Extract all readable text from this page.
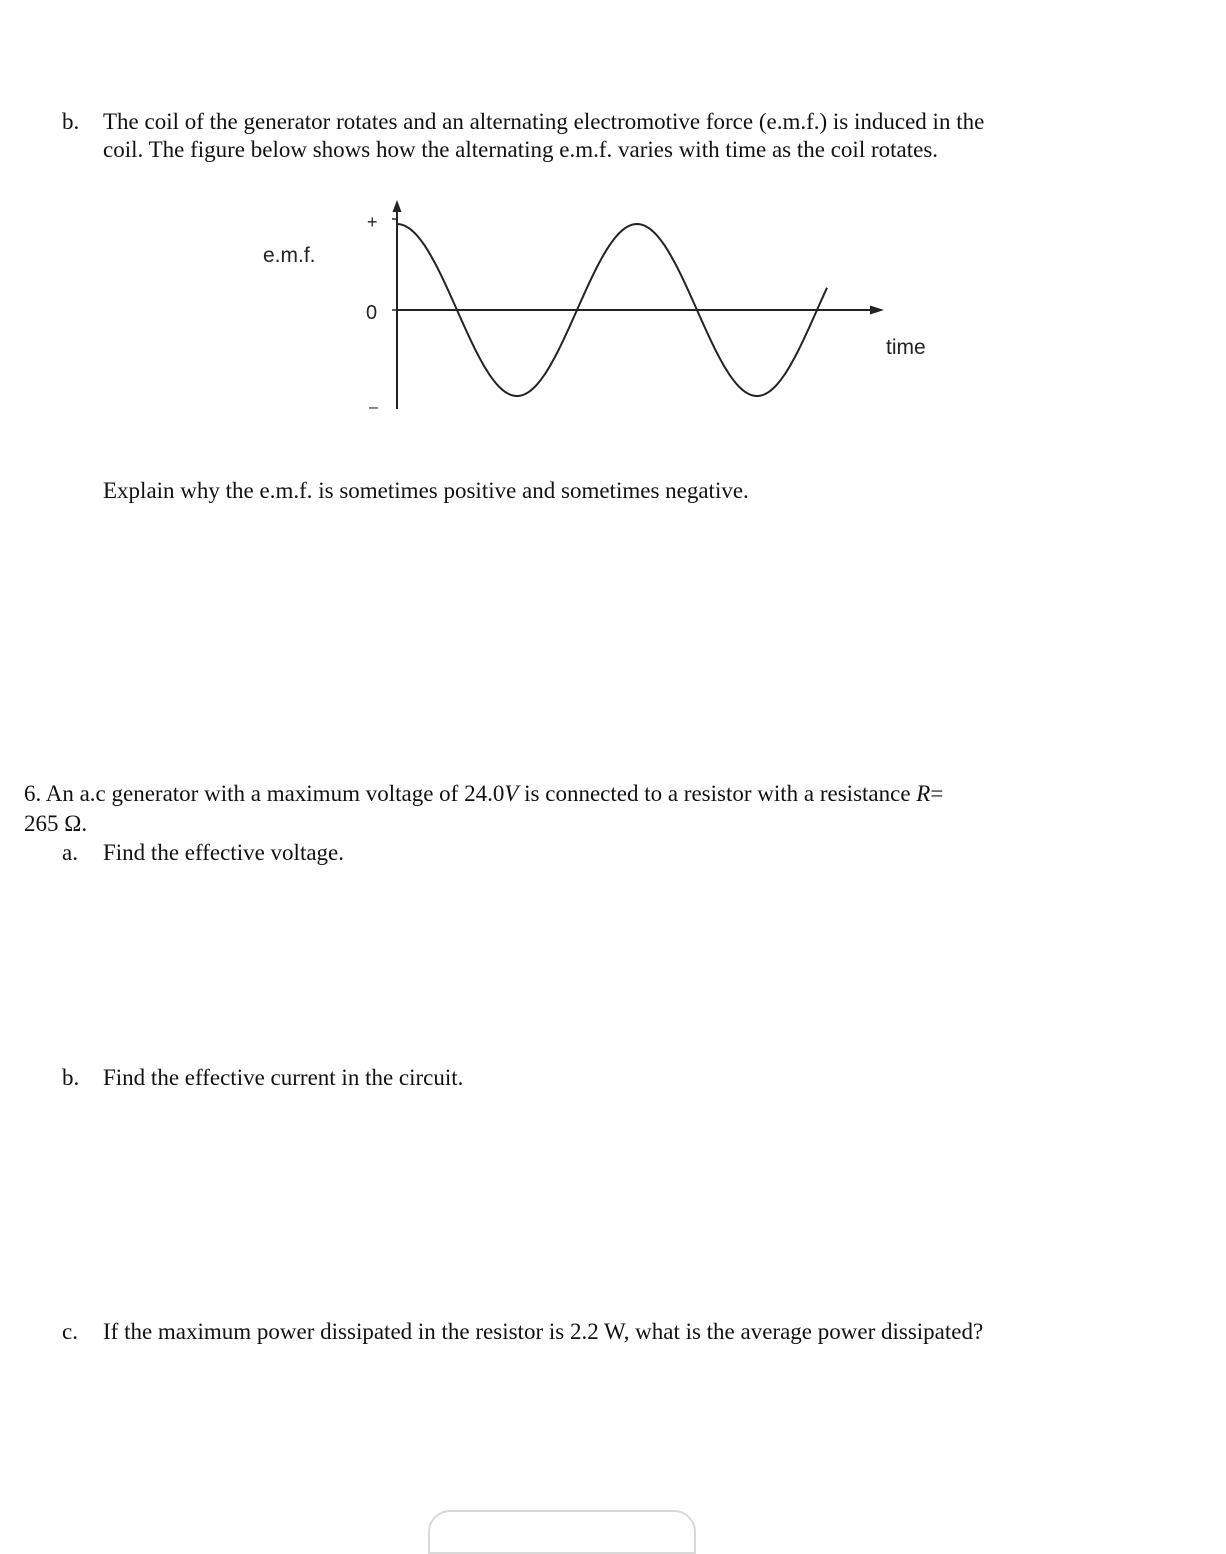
b.	The coil of the generator rotates and an alternating electromotive force (e.m.f.) is induced in the
coil. The figure below shows how the alternating e.m.f. varies with time as the coil rotates.
e.m.f.
time
+
0
–
Explain why the e.m.f. is sometimes positive and sometimes negative.
6. An a.c generator with a maximum voltage of 24.0V is connected to a resistor with a resistance R=
265 Ω.
a.	Find the effective voltage.
b.	Find the effective current in the circuit.
c.	If the maximum power dissipated in the resistor is 2.2 W, what is the average power dissipated?
